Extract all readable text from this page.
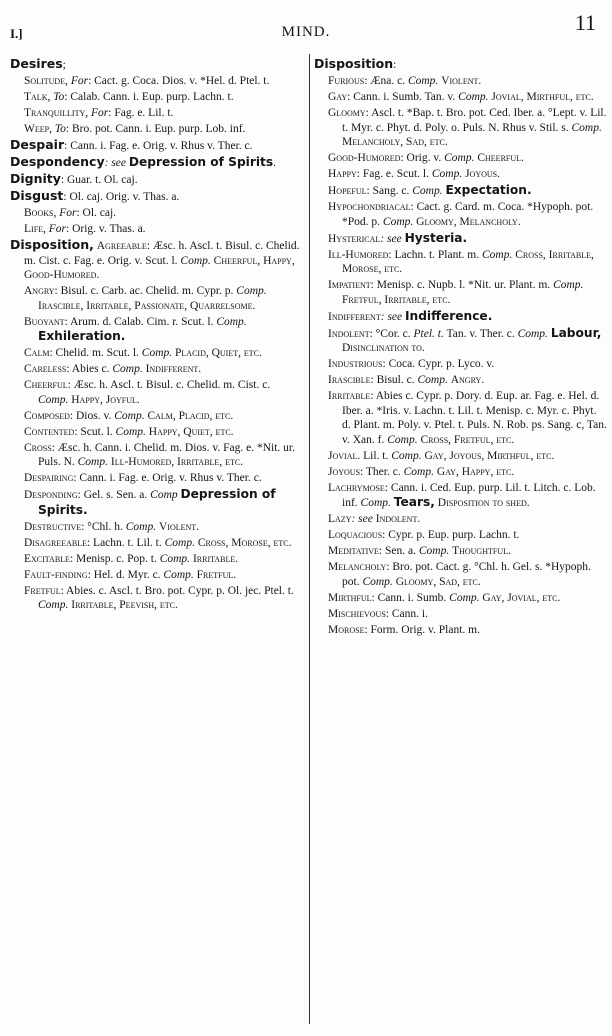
I.]	MIND.	11
Desires;
Solitude, For: Cact. g. Coca. Dios. v. *Hel. d. Ptel. t.
Talk, To: Calab. Cann. i. Eup. purp. Lachn. t.
Tranquillity, For: Fag. e. Lil. t.
Weep, To: Bro. pot. Cann. i. Eup. purp. Lob. inf.
Despair: Cann. i. Fag. e. Orig. v. Rhus v. Ther. c.
Despondency: see Depression of Spirits.
Dignity: Guar. t. Ol. caj.
Disgust: Ol. caj. Orig. v. Thas. a.
Books, For: Ol. caj.
Life, For: Orig. v. Thas. a.
Disposition, Agreeable: Æsc. h. Ascl. t. Bisul. c. Chelid. m. Cist. c. Fag. e. Orig. v. Scut. l. Comp. Cheerful, Happy, Good-Humored.
Angry: Bisul. c. Carb. ac. Chelid. m. Cypr. p. Comp. Irascible, Irritable, Passionate, Quarrelsome.
Buoyant: Arum. d. Calab. Cim. r. Scut. l. Comp. Exhileration.
Calm: Chelid. m. Scut. l. Comp. Placid, Quiet, etc.
Careless: Abies c. Comp. Indifferent.
Cheerful: Æsc. h. Ascl. t. Bisul. c. Chelid. m. Cist. c. Comp. Happy, Joyful.
Composed: Dios. v. Comp. Calm, Placid, etc.
Contented: Scut. l. Comp. Happy, Quiet, etc.
Cross: Æsc. h. Cann. i. Chelid. m. Dios. v. Fag. e. *Nit. ur. Puls. N. Comp. Ill-Humored, Irritable, etc.
Despairing: Cann. i. Fag. e. Orig. v. Rhus v. Ther. c.
Desponding: Gel. s. Sen. a. Comp Depression of Spirits.
Destructive: °Chl. h. Comp. Violent.
Disagreeable: Lachn. t. Lil. t. Comp. Cross, Morose, etc.
Excitable: Menisp. c. Pop. t. Comp. Irritable.
Fault-finding: Hel. d. Myr. c. Comp. Fretful.
Fretful: Abies. c. Ascl. t. Bro. pot. Cypr. p. Ol. jec. Ptel. t. Comp. Irritable, Peevish, etc.
Disposition:
Furious: Æna. c. Comp. Violent.
Gay: Cann. i. Sumb. Tan. v. Comp. Jovial, Mirthful, etc.
Gloomy: Ascl. t. *Bap. t. Bro. pot. Ced. Iber. a. °Lept. v. Lil. t. Myr. c. Phyt. d. Poly. o. Puls. N. Rhus v. Stil. s. Comp. Melancholy, Sad, etc.
Good-Humored: Orig. v. Comp. Cheerful.
Happy: Fag. e. Scut. l. Comp. Joyous.
Hopeful: Sang. c. Comp. Expectation.
Hypochondriacal: Cact. g. Card. m. Coca. *Hypoph. pot. *Pod. p. Comp. Gloomy, Melancholy.
Hysterical: see Hysteria.
Ill-Humored: Lachn. t. Plant. m. Comp. Cross, Irritable, Morose, etc.
Impatient: Menisp. c. Nupb. l. *Nit. ur. Plant. m. Comp. Fretful, Irritable, etc.
Indifferent: see Indifference.
Indolent: °Cor. c. Ptel. t. Tan. v. Ther. c. Comp. Labour, Disinclination to.
Industrious: Coca. Cypr. p. Lyco. v.
Irascible: Bisul. c. Comp. Angry.
Irritable: Abies c. Cypr. p. Dory. d. Eup. ar. Fag. e. Hel. d. Iber. a. *Iris. v. Lachn. t. Lil. t. Menisp. c. Myr. c. Phyt. d. Plant. m. Poly. v. Ptel. t. Puls. N. Rob. ps. Sang. c, Tan. v. Xan. f. Comp. Cross, Fretful, etc.
Jovial. Lil. t. Comp. Gay, Joyous, Mirthful, etc.
Joyous: Ther. c. Comp. Gay, Happy, etc.
Lachrymose: Cann. i. Ced. Eup. purp. Lil. t. Litch. c. Lob. inf. Comp. Tears, Disposition to shed.
Lazy: see Indolent.
Loquacious: Cypr. p. Eup. purp. Lachn. t.
Meditative: Sen. a. Comp. Thoughtful.
Melancholy: Bro. pot. Cact. g. °Chl. h. Gel. s. *Hypoph. pot. Comp. Gloomy, Sad, etc.
Mirthful: Cann. i. Sumb. Comp. Gay, Jovial, etc.
Mischievous: Cann. i.
Morose: Form. Orig. v. Plant. m.
